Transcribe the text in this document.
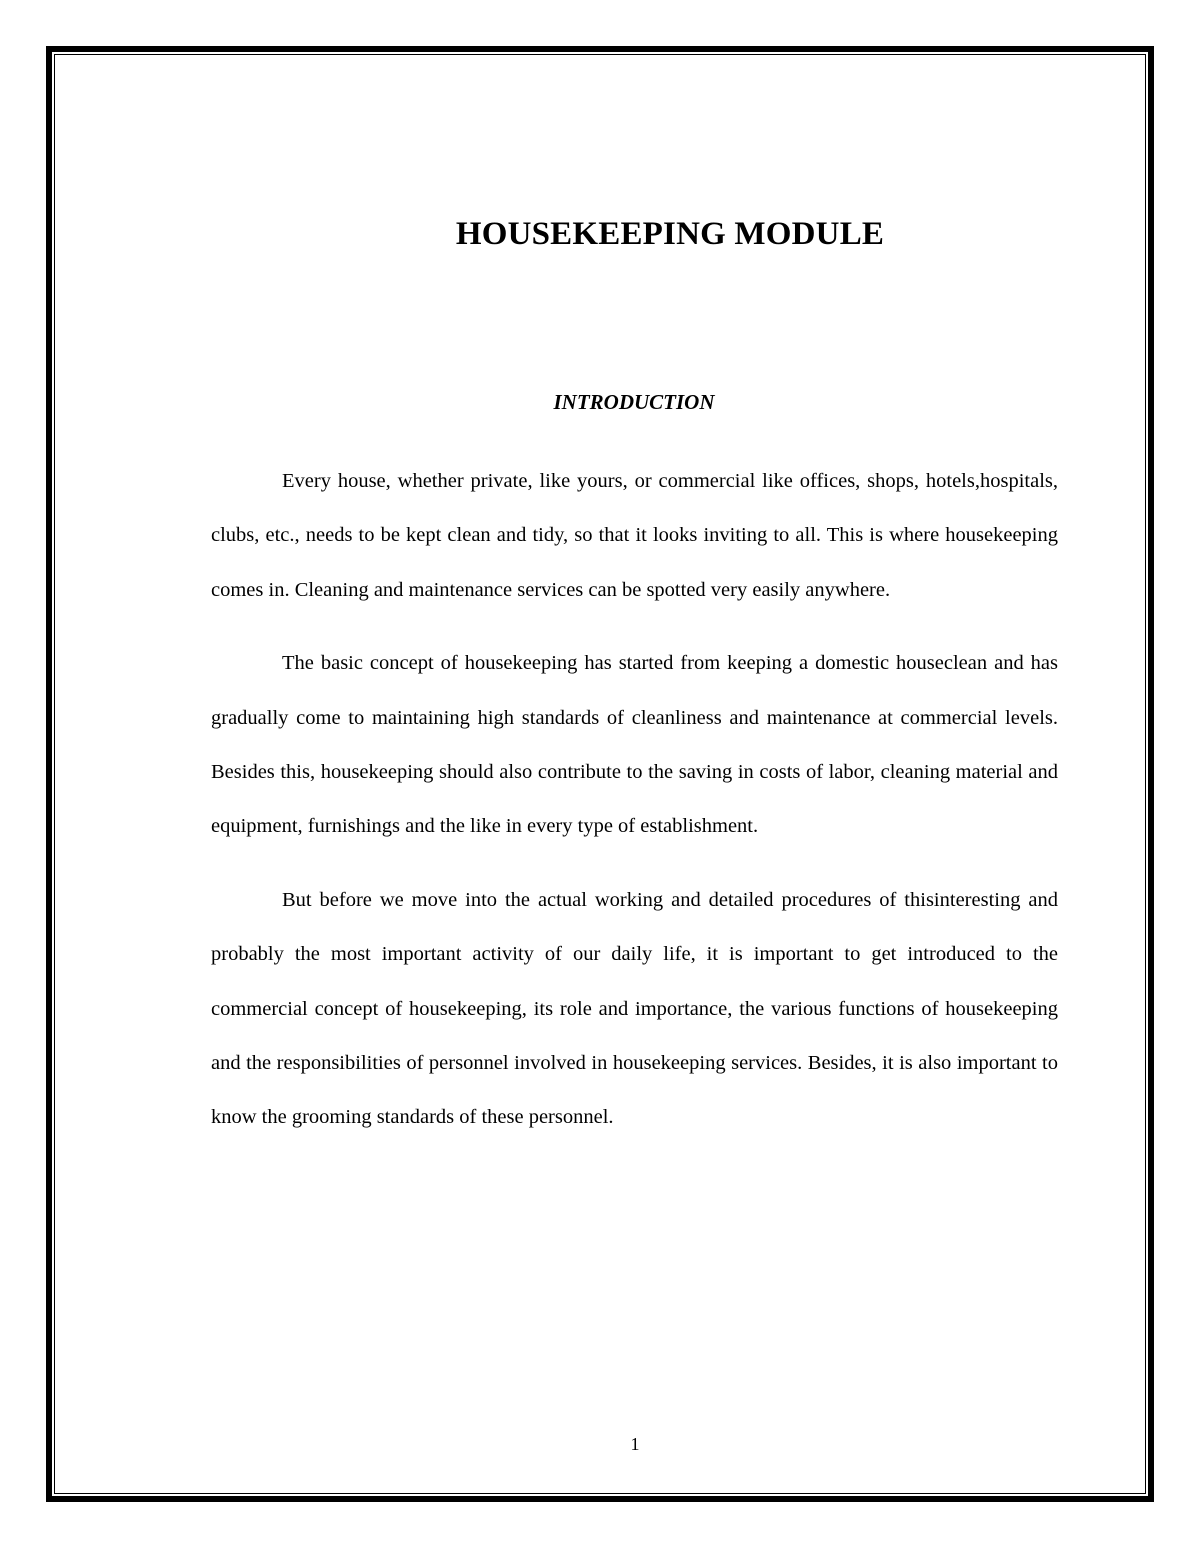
HOUSEKEEPING MODULE
INTRODUCTION

Every house, whether private, like yours, or commercial like offices, shops, hotels,hospitals, clubs, etc., needs to be kept clean and tidy, so that it looks inviting to all. This is where housekeeping comes in. Cleaning and maintenance services can be spotted very easily anywhere.

The basic concept of housekeeping has started from keeping a domestic houseclean and has gradually come to maintaining high standards of cleanliness and maintenance at commercial levels. Besides this, housekeeping should also contribute to the saving in costs of labor, cleaning material and equipment, furnishings and the like in every type of establishment.

But before we move into the actual working and detailed procedures of thisinteresting and probably the most important activity of our daily life, it is important to get introduced to the commercial concept of housekeeping, its role and importance, the various functions of housekeeping and the responsibilities of personnel involved in housekeeping services. Besides, it is also important to know the grooming standards of these personnel.

1
